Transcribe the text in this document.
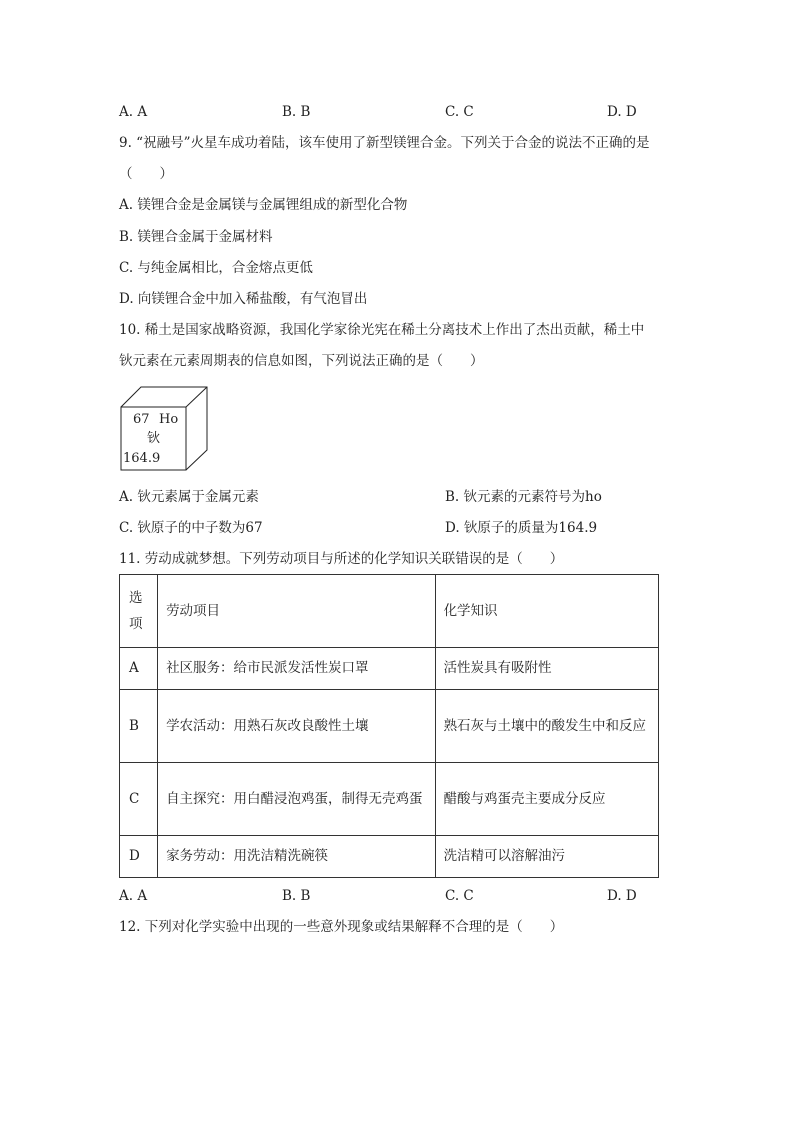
A. A	B. B	C. C	D. D
9. “祝融号”火星车成功着陆，该车使用了新型镁锂合金。下列关于合金的说法不正确的是
（　　）
A. 镁锂合金是金属镁与金属锂组成的新型化合物
B. 镁锂合金属于金属材料
C. 与纯金属相比，合金熔点更低
D. 向镁锂合金中加入稀盐酸，有气泡冒出
10. 稀土是国家战略资源，我国化学家徐光宪在稀土分离技术上作出了杰出贡献，稀土中
钬元素在元素周期表的信息如图，下列说法正确的是（　　）
67 Ho
钬
164.9
A. 钬元素属于金属元素	B. 钬元素的元素符号为ho
C. 钬原子的中子数为67	D. 钬原子的质量为164.9
11. 劳动成就梦想。下列劳动项目与所述的化学知识关联错误的是（　　）
选项	劳动项目	化学知识
A	社区服务：给市民派发活性炭口罩	活性炭具有吸附性
B	学农活动：用熟石灰改良酸性土壤	熟石灰与土壤中的酸发生中和反应
C	自主探究：用白醋浸泡鸡蛋，制得无壳鸡蛋	醋酸与鸡蛋壳主要成分反应
D	家务劳动：用洗洁精洗碗筷	洗洁精可以溶解油污
A. A	B. B	C. C	D. D
12. 下列对化学实验中出现的一些意外现象或结果解释不合理的是（　　）
